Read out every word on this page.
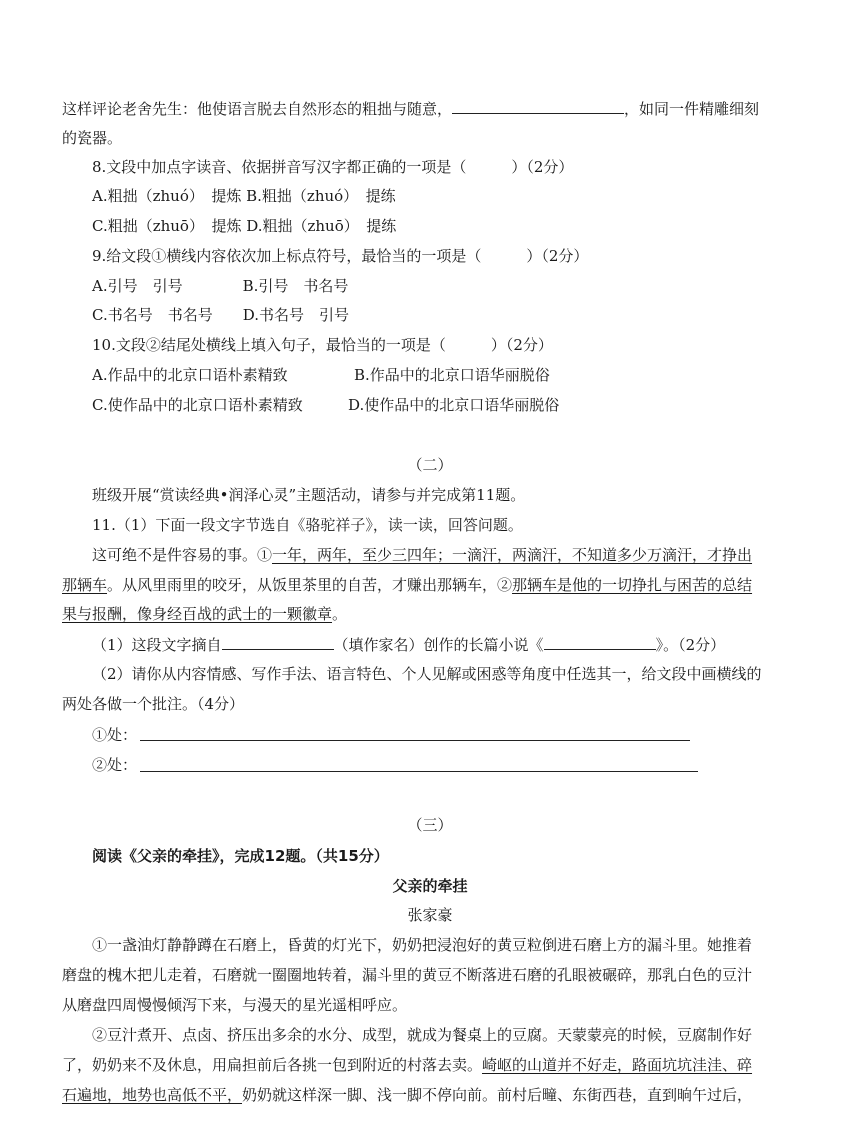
这样评论老舍先生：他使语言脱去自然形态的粗拙与随意，	，如同一件精雕细刻
的瓷器。
8.文段中加点字读音、依据拼音写汉字都正确的一项是（　　　）（2分）
A.粗拙（zhuó）　提炼 B.粗拙（zhuó）　提练
C.粗拙（zhuō）　提炼 D.粗拙（zhuō）　提练
9.给文段①横线内容依次加上标点符号，最恰当的一项是（　　　）（2分）
A.引号　引号　　　　B.引号　书名号
C.书名号　书名号　　D.书名号　引号
10.文段②结尾处横线上填入句子，最恰当的一项是（　　　）（2分）
A.作品中的北京口语朴素精致	B.作品中的北京口语华丽脱俗
C.使作品中的北京口语朴素精致	D.使作品中的北京口语华丽脱俗
（二）
班级开展“赏读经典•润泽心灵”主题活动，请参与并完成第11题。
11.（1）下面一段文字节选自《骆驼祥子》，读一读，回答问题。
这可绝不是件容易的事。①一年，两年，至少三四年；一滴汗，两滴汗，不知道多少万滴汗，才挣出
那辆车。从风里雨里的咬牙，从饭里茶里的自苦，才赚出那辆车，②那辆车是他的一切挣扎与困苦的总结
果与报酬，像身经百战的武士的一颗徽章。
（1）这段文字摘自	（填作家名）创作的长篇小说《	》。（2分）
（2）请你从内容情感、写作手法、语言特色、个人见解或困惑等角度中任选其一，给文段中画横线的
两处各做一个批注。（4分）
①处：
②处：
（三）
阅读《父亲的牵挂》，完成12题。（共15分）
父亲的牵挂
张家豪
①一盏油灯静静蹲在石磨上，昏黄的灯光下，奶奶把浸泡好的黄豆粒倒进石磨上方的漏斗里。她推着
磨盘的槐木把儿走着，石磨就一圈圈地转着，漏斗里的黄豆不断落进石磨的孔眼被碾碎，那乳白色的豆汁
从磨盘四周慢慢倾泻下来，与漫天的星光遥相呼应。
②豆汁煮开、点卤、挤压出多余的水分、成型，就成为餐桌上的豆腐。天蒙蒙亮的时候，豆腐制作好
了，奶奶来不及休息，用扁担前后各挑一包到附近的村落去卖。崎岖的山道并不好走，路面坑坑洼洼、碎
石遍地，地势也高低不平，奶奶就这样深一脚、浅一脚不停向前。前村后疃、东街西巷，直到晌午过后，
